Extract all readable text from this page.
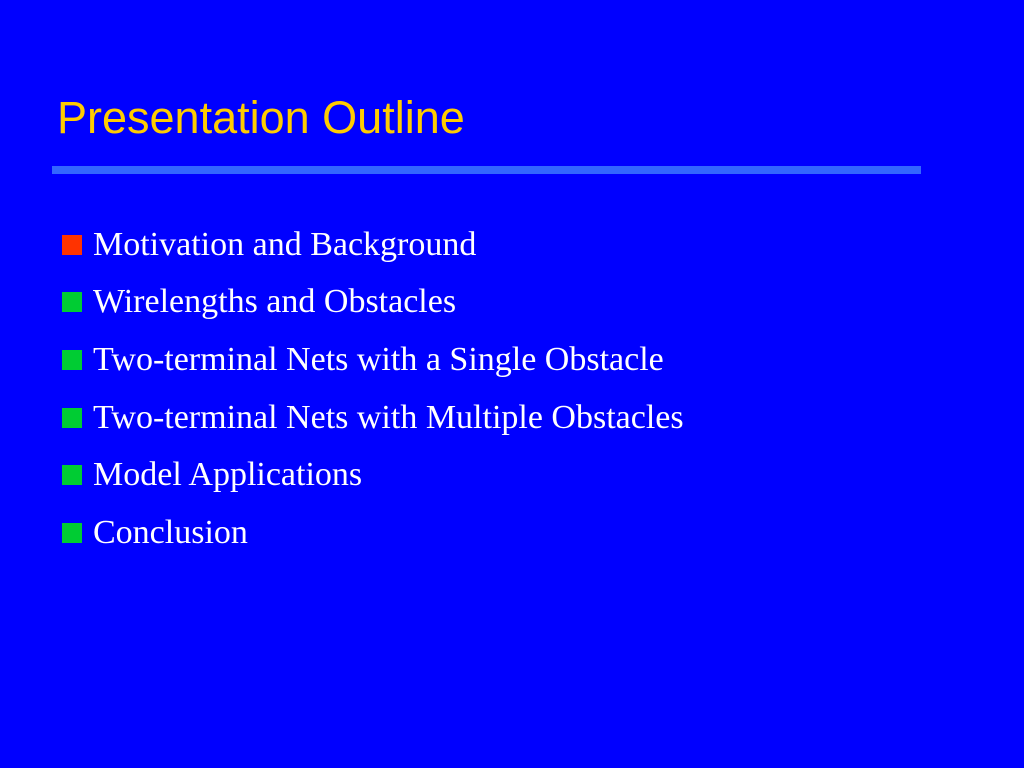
Presentation Outline
Motivation and Background
Wirelengths and Obstacles
Two-terminal Nets with a Single Obstacle
Two-terminal Nets with Multiple Obstacles
Model Applications
Conclusion
